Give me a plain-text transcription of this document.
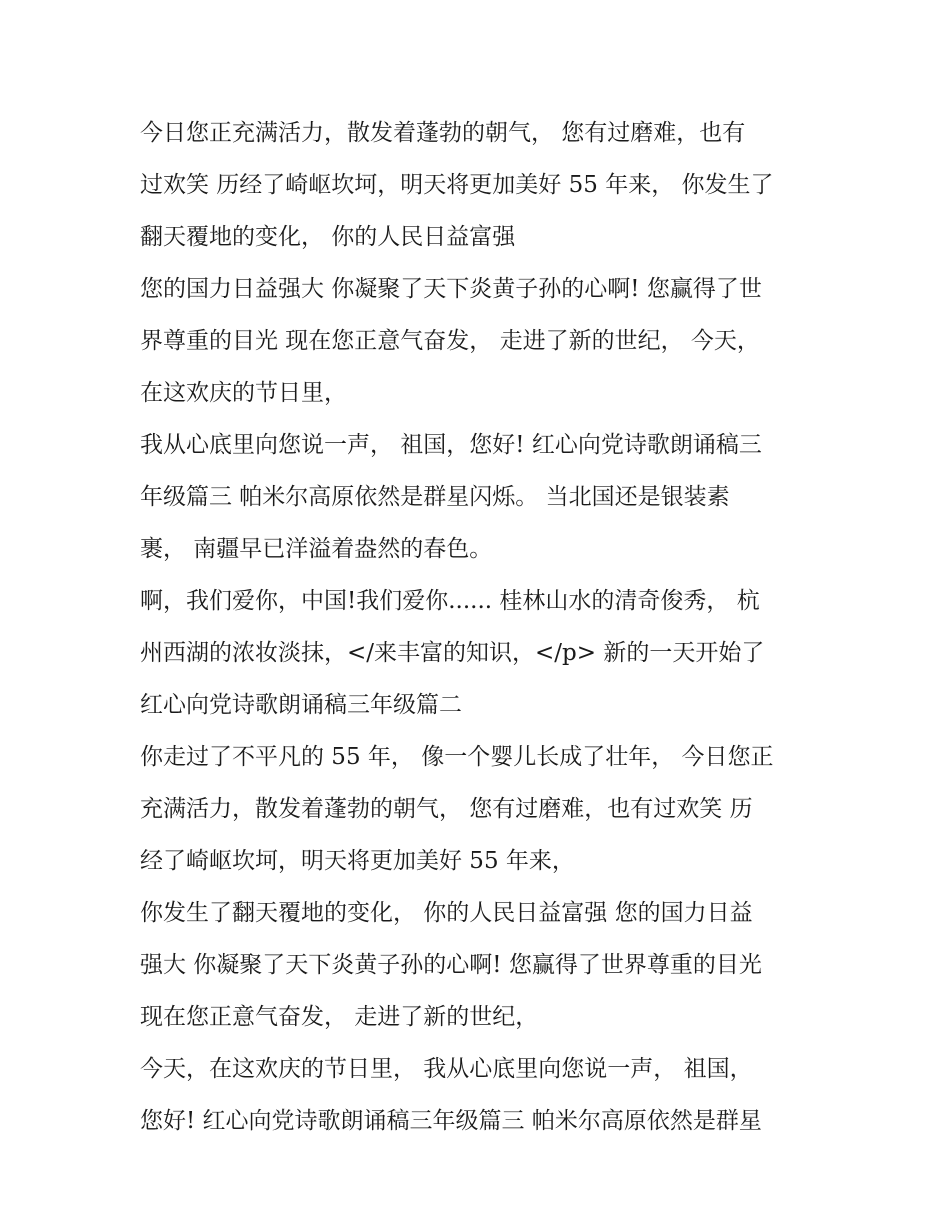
今日您正充满活力，散发着蓬勃的朝气， 您有过磨难，也有
过欢笑 历经了崎岖坎坷，明天将更加美好 55 年来， 你发生了
翻天覆地的变化， 你的人民日益富强
您的国力日益强大 你凝聚了天下炎黄子孙的心啊! 您赢得了世
界尊重的目光 现在您正意气奋发， 走进了新的世纪， 今天，
在这欢庆的节日里，
我从心底里向您说一声， 祖国，您好! 红心向党诗歌朗诵稿三
年级篇三 帕米尔高原依然是群星闪烁。 当北国还是银装素
裹， 南疆早已洋溢着盎然的春色。
啊，我们爱你，中国!我们爱你...... 桂林山水的清奇俊秀， 杭
州西湖的浓妆淡抹，</来丰富的知识，</p> 新的一天开始了
红心向党诗歌朗诵稿三年级篇二
你走过了不平凡的 55 年， 像一个婴儿长成了壮年， 今日您正
充满活力，散发着蓬勃的朝气， 您有过磨难，也有过欢笑 历
经了崎岖坎坷，明天将更加美好 55 年来，
你发生了翻天覆地的变化， 你的人民日益富强 您的国力日益
强大 你凝聚了天下炎黄子孙的心啊! 您赢得了世界尊重的目光
现在您正意气奋发， 走进了新的世纪，
今天，在这欢庆的节日里， 我从心底里向您说一声， 祖国，
您好! 红心向党诗歌朗诵稿三年级篇三 帕米尔高原依然是群星
